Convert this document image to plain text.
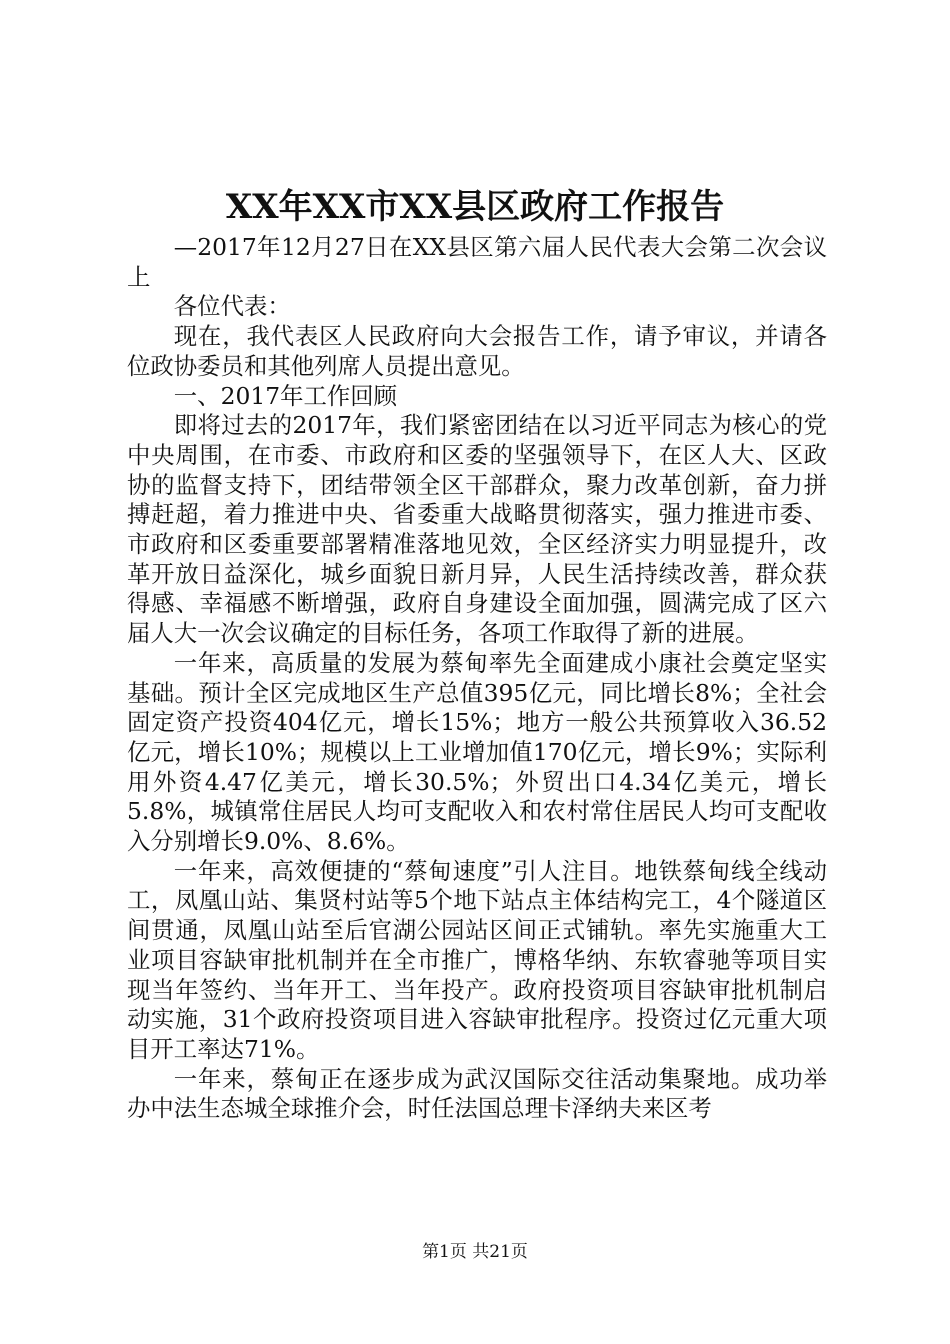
XX年XX市XX县区政府工作报告

—2017年12月27日在XX县区第六届人民代表大会第二次会议上

各位代表：

现在，我代表区人民政府向大会报告工作，请予审议，并请各位政协委员和其他列席人员提出意见。

一、2017年工作回顾

即将过去的2017年，我们紧密团结在以习近平同志为核心的党中央周围，在市委、市政府和区委的坚强领导下，在区人大、区政协的监督支持下，团结带领全区干部群众，聚力改革创新，奋力拼搏赶超，着力推进中央、省委重大战略贯彻落实，强力推进市委、市政府和区委重要部署精准落地见效，全区经济实力明显提升，改革开放日益深化，城乡面貌日新月异，人民生活持续改善，群众获得感、幸福感不断增强，政府自身建设全面加强，圆满完成了区六届人大一次会议确定的目标任务，各项工作取得了新的进展。

一年来，高质量的发展为蔡甸率先全面建成小康社会奠定坚实基础。预计全区完成地区生产总值395亿元，同比增长8%；全社会固定资产投资404亿元，增长15%；地方一般公共预算收入36.52亿元，增长10%；规模以上工业增加值170亿元，增长9%；实际利用外资4.47亿美元，增长30.5%；外贸出口4.34亿美元，增长5.8%，城镇常住居民人均可支配收入和农村常住居民人均可支配收入分别增长9.0%、8.6%。

一年来，高效便捷的“蔡甸速度”引人注目。地铁蔡甸线全线动工，凤凰山站、集贤村站等5个地下站点主体结构完工，4个隧道区间贯通，凤凰山站至后官湖公园站区间正式铺轨。率先实施重大工业项目容缺审批机制并在全市推广，博格华纳、东软睿驰等项目实现当年签约、当年开工、当年投产。政府投资项目容缺审批机制启动实施，31个政府投资项目进入容缺审批程序。投资过亿元重大项目开工率达71%。

一年来，蔡甸正在逐步成为武汉国际交往活动集聚地。成功举办中法生态城全球推介会，时任法国总理卡泽纳夫来区考

第1页 共21页
